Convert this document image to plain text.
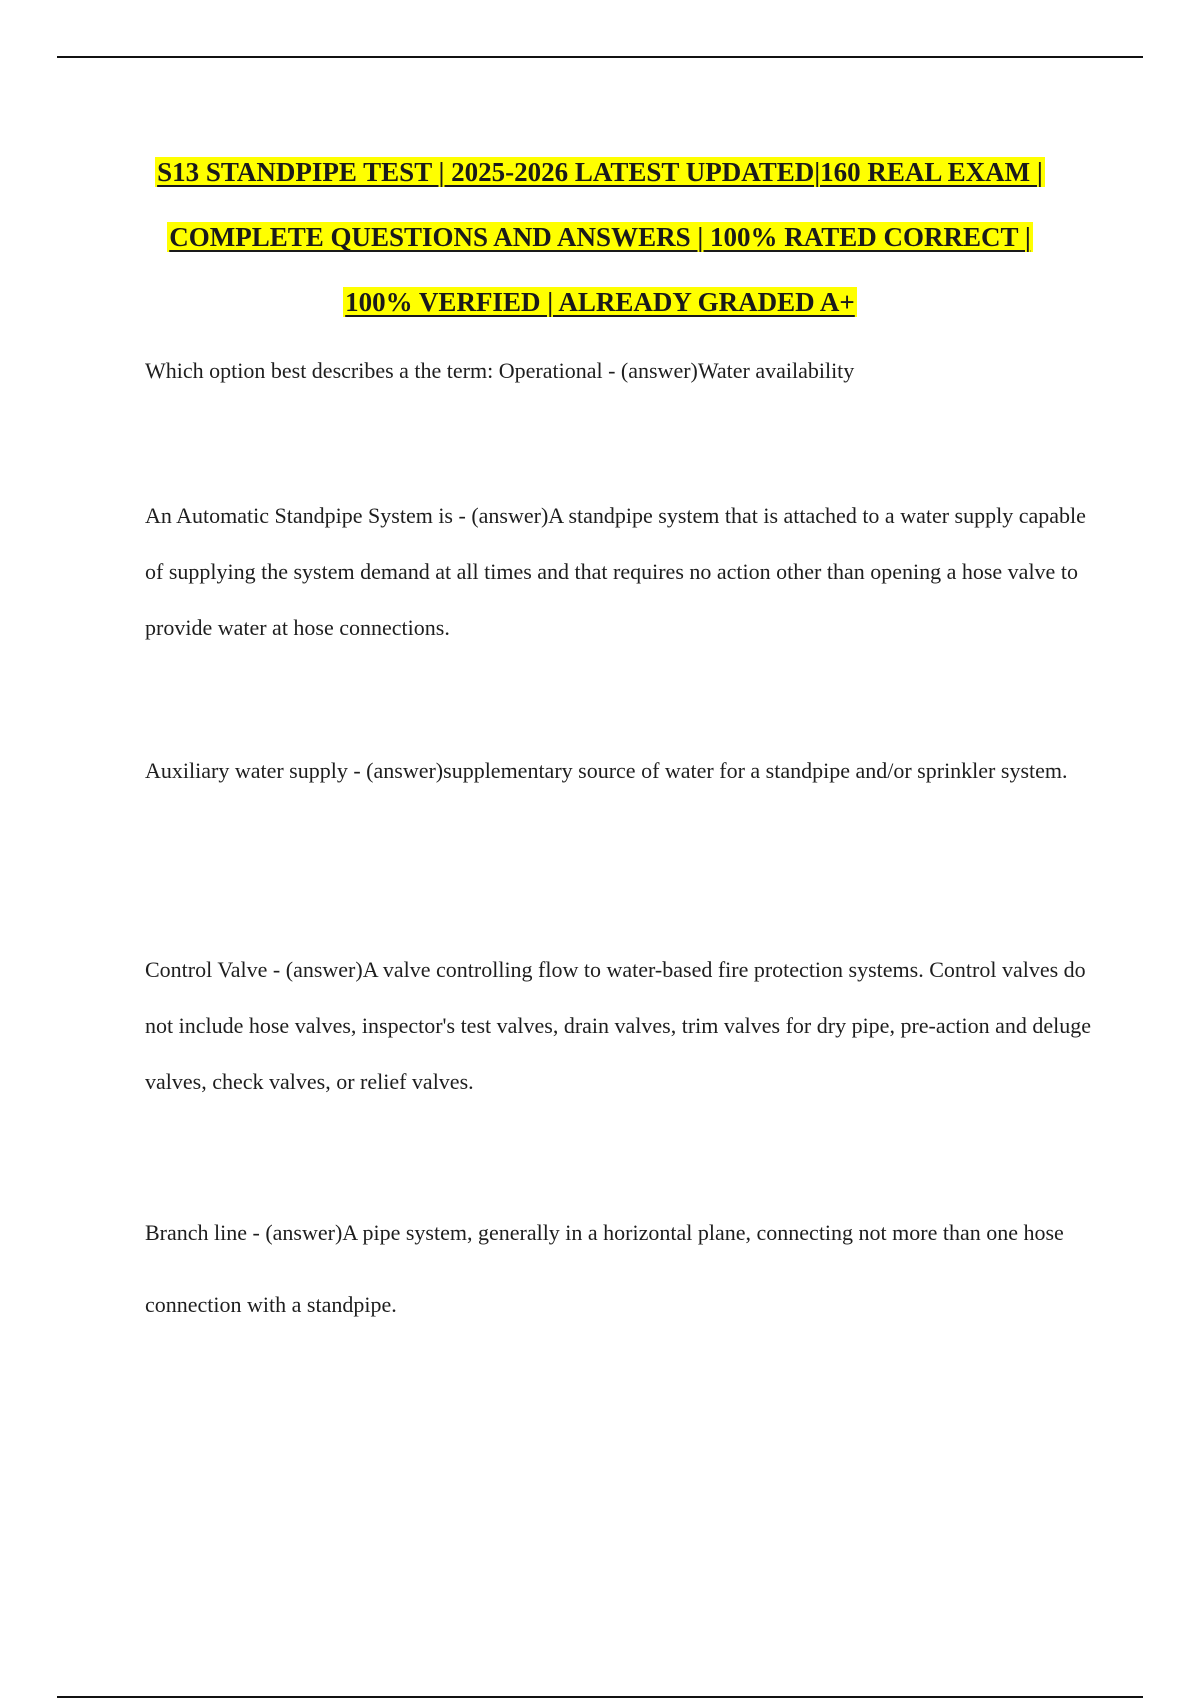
S13 STANDPIPE TEST | 2025-2026 LATEST UPDATED|160 REAL EXAM |
COMPLETE QUESTIONS AND ANSWERS | 100% RATED CORRECT |
100% VERFIED | ALREADY GRADED A+

Which option best describes a the term: Operational - (answer)Water availability

An Automatic Standpipe System is - (answer)A standpipe system that is attached to a water supply capable of supplying the system demand at all times and that requires no action other than opening a hose valve to provide water at hose connections.

Auxiliary water supply - (answer)supplementary source of water for a standpipe and/or sprinkler system.

Control Valve - (answer)A valve controlling flow to water-based fire protection systems. Control valves do not include hose valves, inspector's test valves, drain valves, trim valves for dry pipe, pre-action and deluge valves, check valves, or relief valves.

Branch line - (answer)A pipe system, generally in a horizontal plane, connecting not more than one hose connection with a standpipe.
